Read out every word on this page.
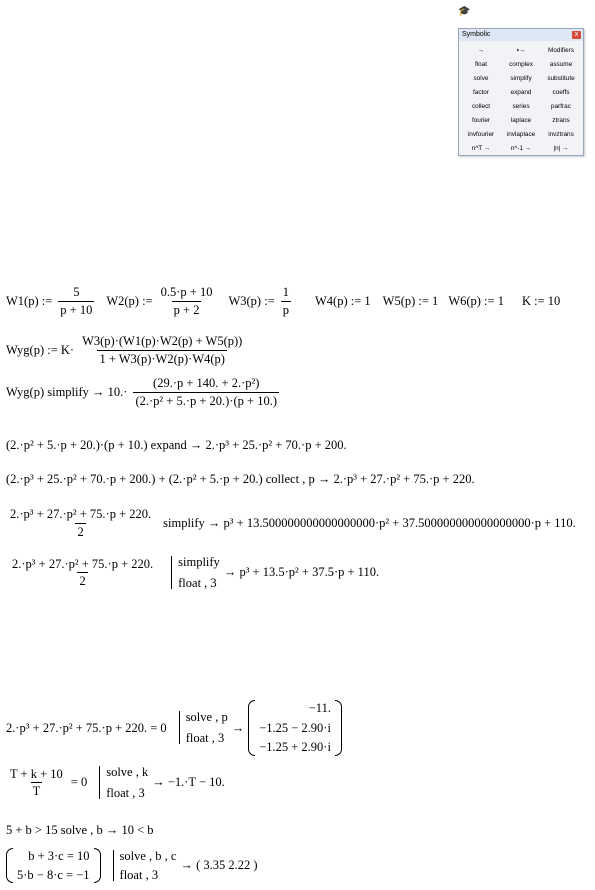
🎓
Symbolic	x
→	▪→	Modifiers
float	complex	assume
solve	simplify	substitute
factor	expand	coeffs
collect	series	parfrac
fourier	laplace	ztrans
invfourier	invlaplace	invztrans
n^T →	n^-1 →	|n| →
W1(p) := $\frac{5}{p + 10} W2(p)$ := $\frac{0.5\cdot p + 10}{p + 2} W3(p)$ := $\frac{1}{p} W4(p)$ := 1 W5(p) := 1 W6(p) := 1 K := 10
Wyg(p) := $K\cdot \frac{W3(p)\cdot(W1(p)\cdot W2(p) + W5(p))}{1 + W3(p)\cdot W2(p)\cdot W4(p)}$
Wyg(p) simplify → $10.\cdot \frac{\text{(29.·p + 140. + 2.·p²)}}{\text{(2.·p² + 5.·p + 20.)·(p + 10.)}}$
(2.·p² + 5.·p + 20.)·(p + 10.) expand → 2.·p³ + 25.·p² + 70.·p + 200.
(2.·p³ + 25.·p² + 70.·p + 200.) + (2.·p² + 5.·p + 20.) collect , p → 2.·p³ + 27.·p² + 75.·p + 220.
$\frac{\text{2.·p³ + 27.·p² + 75.·p + 220.}}{2}$ simplify → p³ + 13.500000000000000000·p² + 37.500000000000000000·p + 110.
$\frac{\text{2.·p³ + 27.·p² + 75.·p + 220.}}{2}$ simplify
float , 3
→ p³ + 13.5·p² + 37.5·p + 110.
2.·p³ + 27.·p² + 75.·p + 220. = 0
solve , p
float , 3
→
−11.
−1.25 − 2.90·i
−1.25 + 2.90·i
$\frac{T + k + 10}{T} = 0$
solve , k
float , 3
→ −1.·T − 10.
5 + b > 15 solve , b → 10 < b
b + 3·c = 10
5·b − 8·c = −1
solve , b , c
float , 3
→ ( 3.35 2.22 )
